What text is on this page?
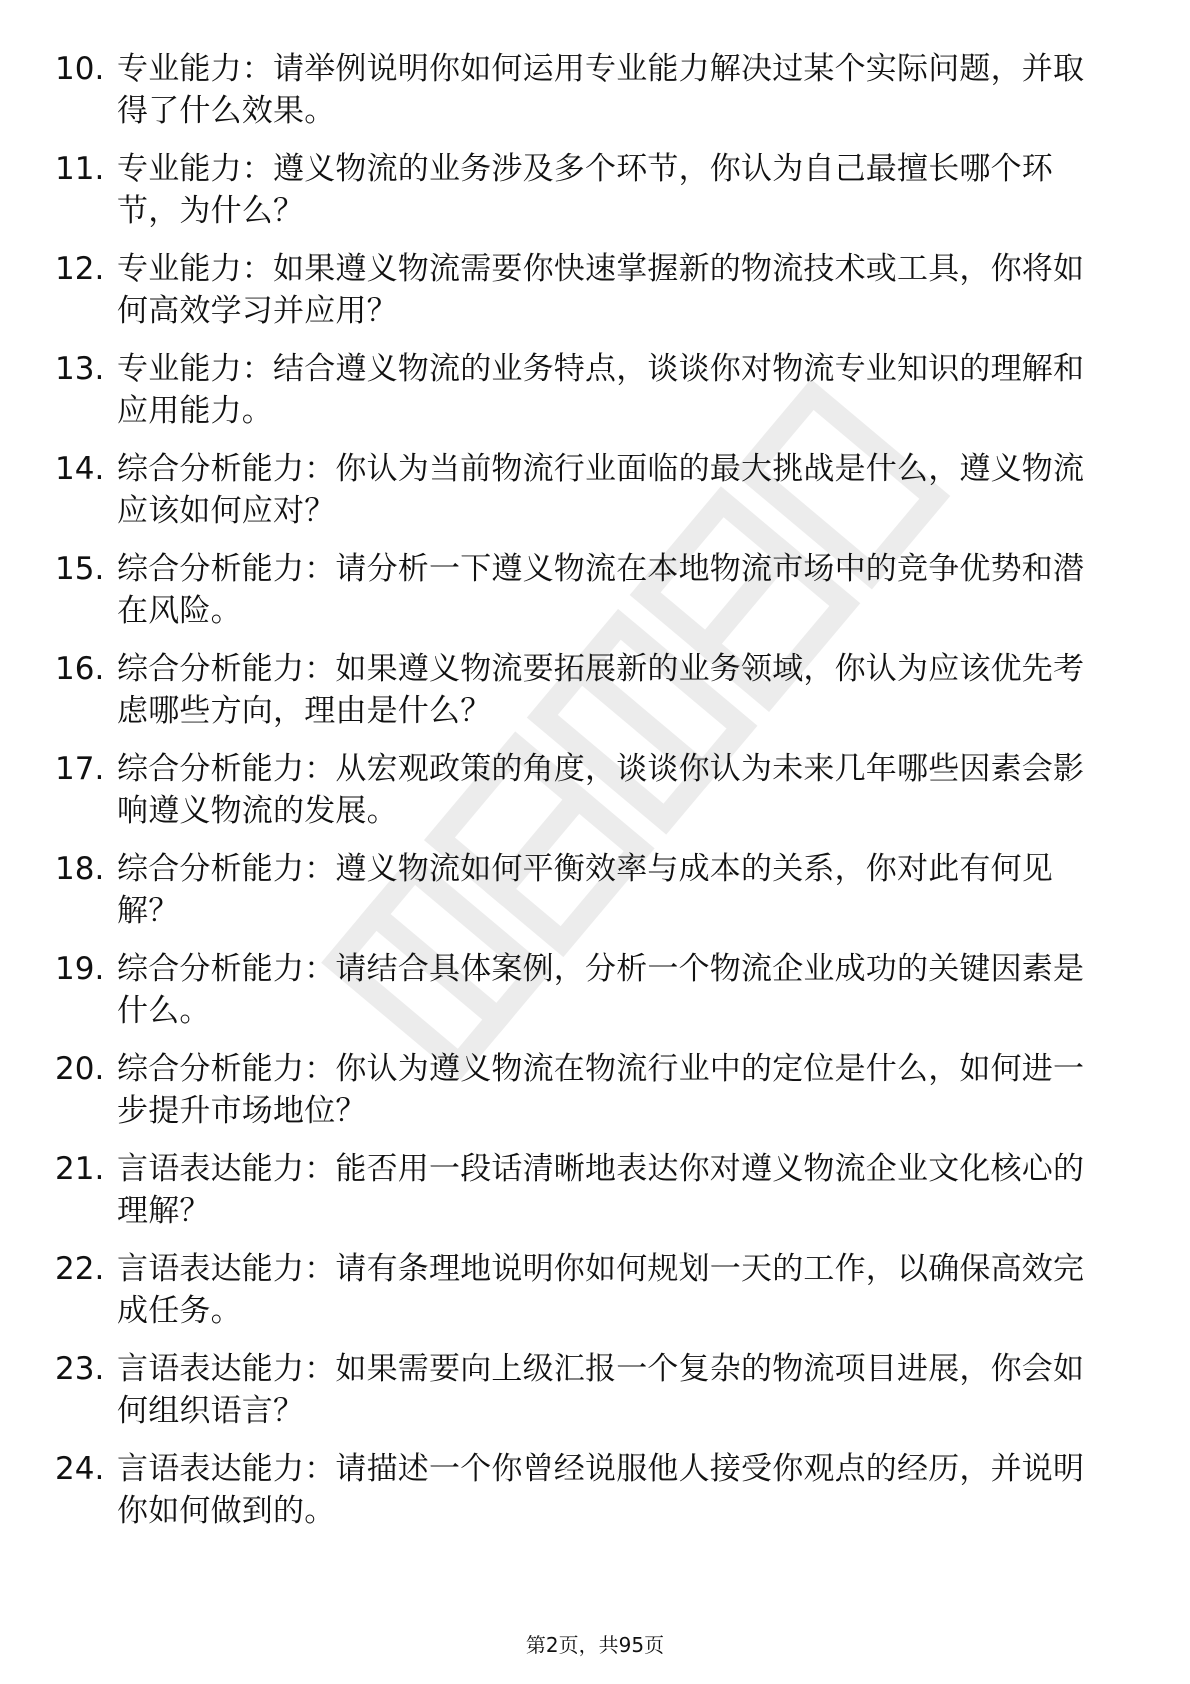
10. 专业能力：请举例说明你如何运用专业能力解决过某个实际问题，并取得了什么效果。
11. 专业能力：遵义物流的业务涉及多个环节，你认为自己最擅长哪个环节，为什么？
12. 专业能力：如果遵义物流需要你快速掌握新的物流技术或工具，你将如何高效学习并应用？
13. 专业能力：结合遵义物流的业务特点，谈谈你对物流专业知识的理解和应用能力。
14. 综合分析能力：你认为当前物流行业面临的最大挑战是什么，遵义物流应该如何应对？
15. 综合分析能力：请分析一下遵义物流在本地物流市场中的竞争优势和潜在风险。
16. 综合分析能力：如果遵义物流要拓展新的业务领域，你认为应该优先考虑哪些方向，理由是什么？
17. 综合分析能力：从宏观政策的角度，谈谈你认为未来几年哪些因素会影响遵义物流的发展。
18. 综合分析能力：遵义物流如何平衡效率与成本的关系，你对此有何见解？
19. 综合分析能力：请结合具体案例，分析一个物流企业成功的关键因素是什么。
20. 综合分析能力：你认为遵义物流在物流行业中的定位是什么，如何进一步提升市场地位？
21. 言语表达能力：能否用一段话清晰地表达你对遵义物流企业文化核心的理解？
22. 言语表达能力：请有条理地说明你如何规划一天的工作，以确保高效完成任务。
23. 言语表达能力：如果需要向上级汇报一个复杂的物流项目进展，你会如何组织语言？
24. 言语表达能力：请描述一个你曾经说服他人接受你观点的经历，并说明你如何做到的。
第2页，共95页
